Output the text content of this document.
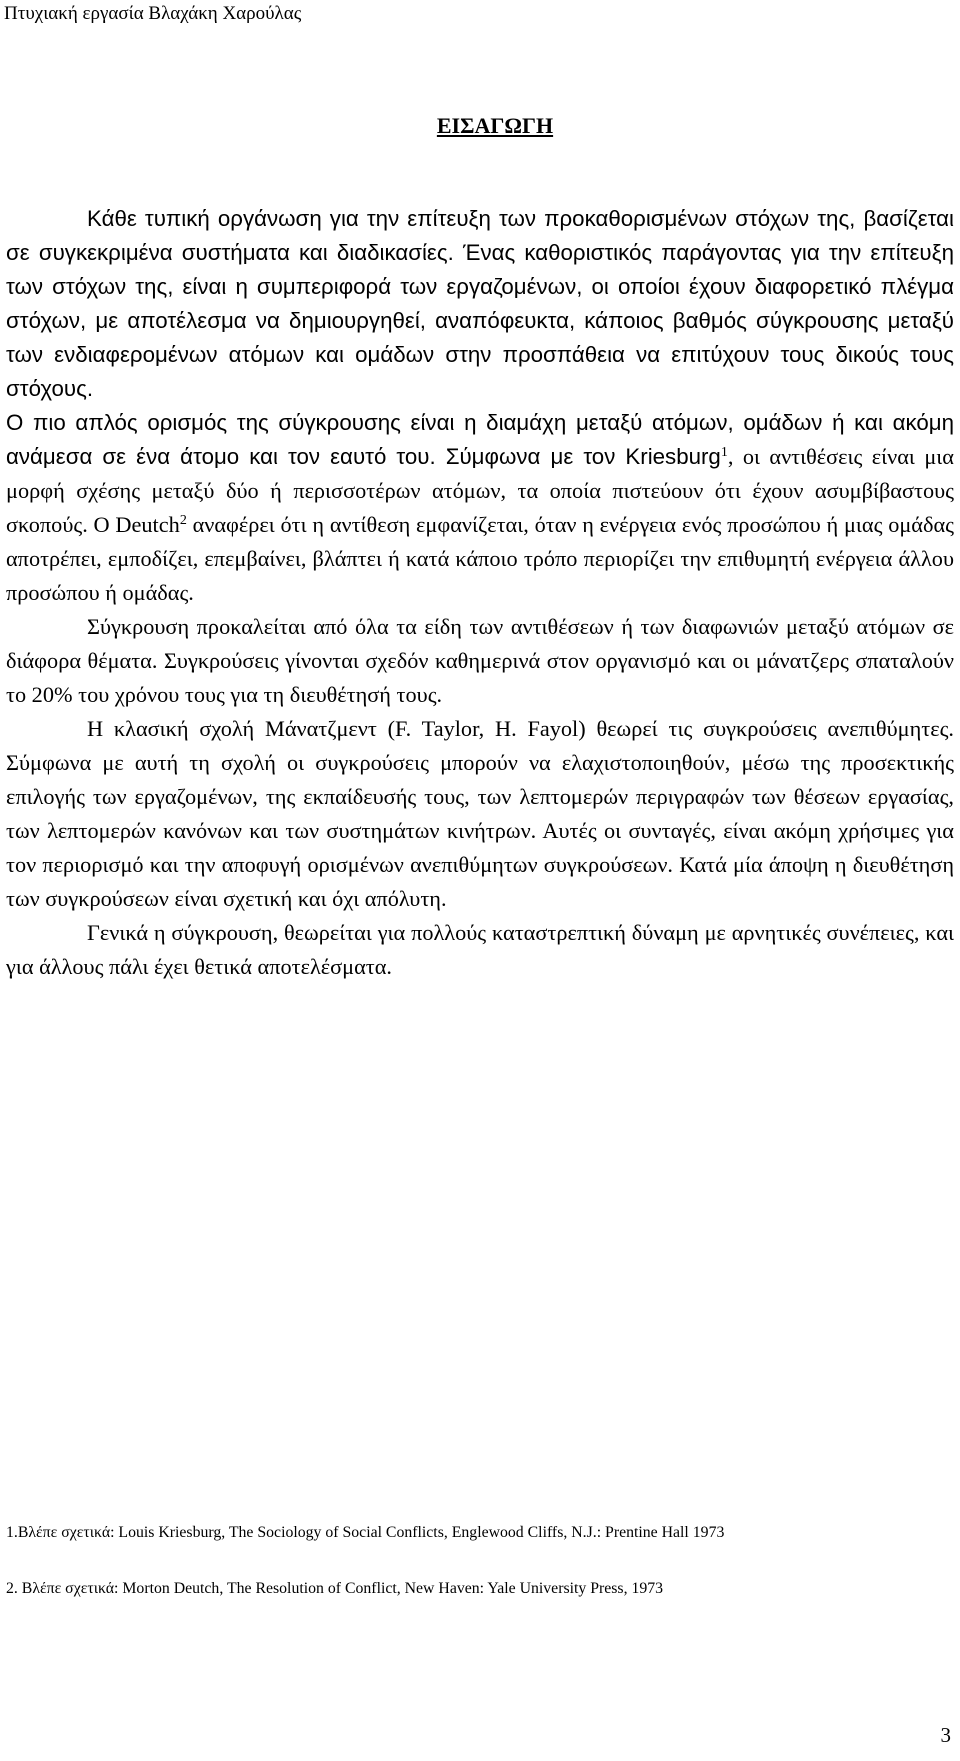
Πτυχιακή εργασία Βλαχάκη Χαρούλας
ΕΙΣΑΓΩΓΗ

Κάθε τυπική οργάνωση για την επίτευξη των προκαθορισμένων στόχων της, βασίζεται σε συγκεκριμένα συστήματα και διαδικασίες. Ένας καθοριστικός παράγοντας για την επίτευξη των στόχων της, είναι η συμπεριφορά των εργαζομένων, οι οποίοι έχουν διαφορετικό πλέγμα στόχων, με αποτέλεσμα να δημιουργηθεί, αναπόφευκτα, κάποιος βαθμός σύγκρουσης μεταξύ των ενδιαφερομένων ατόμων και ομάδων στην προσπάθεια να επιτύχουν τους δικούς τους στόχους.

Ο πιο απλός ορισμός της σύγκρουσης είναι η διαμάχη μεταξύ ατόμων, ομάδων ή και ακόμη ανάμεσα σε ένα άτομο και τον εαυτό του. Σύμφωνα με τον Kriesburg$^1$, οι αντιθέσεις είναι μια μορφή σχέσης μεταξύ δύο ή περισσοτέρων ατόμων, τα οποία πιστεύουν ότι έχουν ασυμβίβαστους σκοπούς. Ο Deutch$^2$ αναφέρει ότι η αντίθεση εμφανίζεται, όταν η ενέργεια ενός προσώπου ή μιας ομάδας αποτρέπει, εμποδίζει, επεμβαίνει, βλάπτει ή κατά κάποιο τρόπο περιορίζει την επιθυμητή ενέργεια άλλου προσώπου ή ομάδας.

Σύγκρουση προκαλείται από όλα τα είδη των αντιθέσεων ή των διαφωνιών μεταξύ ατόμων σε διάφορα θέματα. Συγκρούσεις γίνονται σχεδόν καθημερινά στον οργανισμό και οι μάνατζερς σπαταλούν το 20% του χρόνου τους για τη διευθέτησή τους.

Η κλασική σχολή Μάνατζμεντ (F. Taylor, H. Fayol) θεωρεί τις συγκρούσεις ανεπιθύμητες. Σύμφωνα με αυτή τη σχολή οι συγκρούσεις μπορούν να ελαχιστοποιηθούν, μέσω της προσεκτικής επιλογής των εργαζομένων, της εκπαίδευσής τους, των λεπτομερών περιγραφών των θέσεων εργασίας, των λεπτομερών κανόνων και των συστημάτων κινήτρων. Αυτές οι συνταγές, είναι ακόμη χρήσιμες για τον περιορισμό και την αποφυγή ορισμένων ανεπιθύμητων συγκρούσεων. Κατά μία άποψη η διευθέτηση των συγκρούσεων είναι σχετική και όχι απόλυτη.

Γενικά η σύγκρουση, θεωρείται για πολλούς καταστρεπτική δύναμη με αρνητικές συνέπειες, και για άλλους πάλι έχει θετικά αποτελέσματα.

1.Βλέπε σχετικά: Louis Kriesburg, The Sociology of Social Conflicts, Englewood Cliffs, N.J.: Prentine Hall 1973
2. Βλέπε σχετικά: Morton Deutch, The Resolution of Conflict, New Haven: Yale University Press, 1973
3
